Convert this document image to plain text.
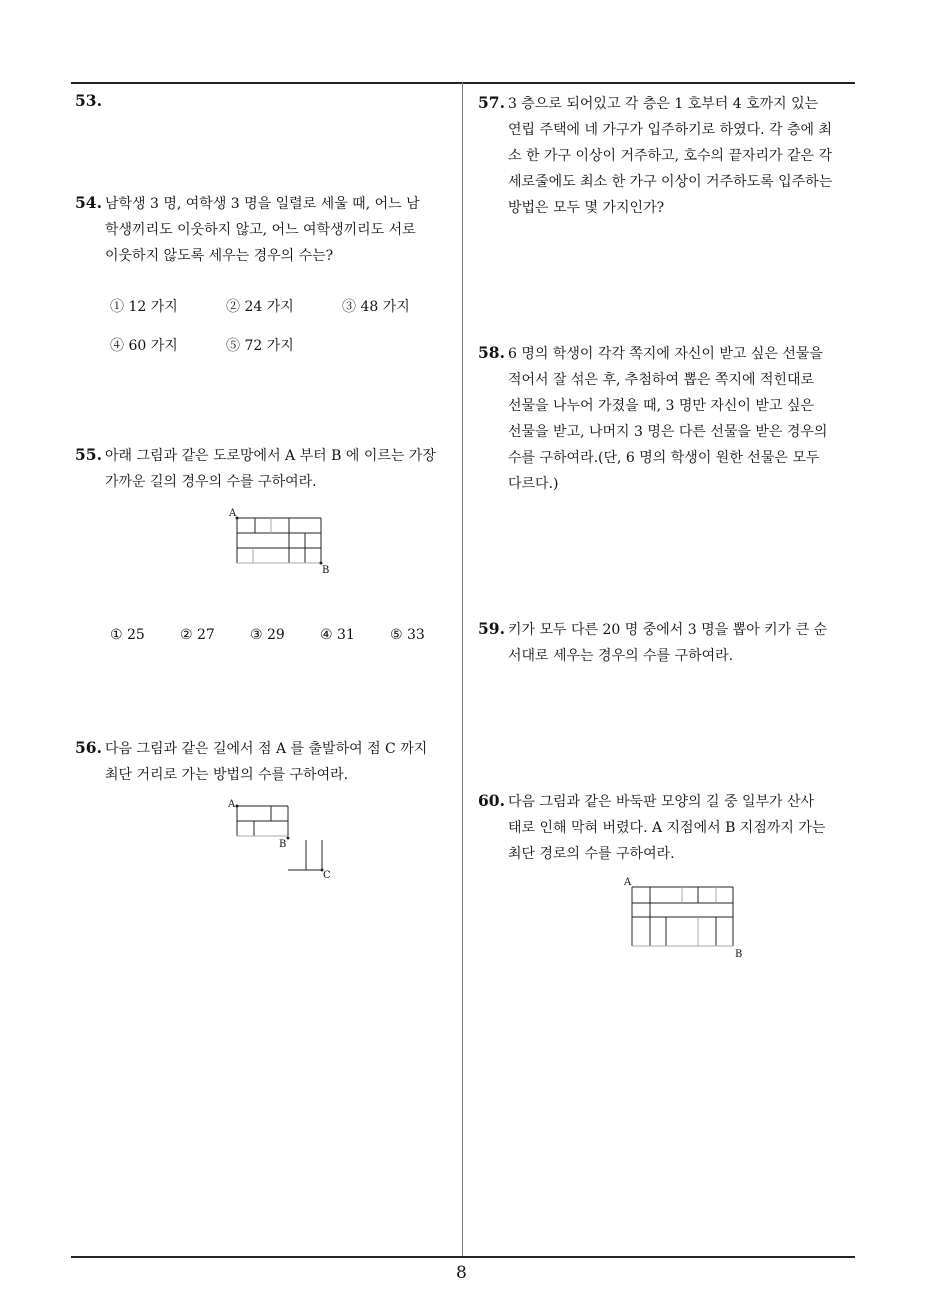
8
53.
54. 남학생 3 명, 여학생 3 명을 일렬로 세울 때, 어느 남
학생끼리도 이웃하지 않고, 어느 여학생끼리도 서로
이웃하지 않도록 세우는 경우의 수는?
① 12 가지	② 24 가지	③ 48 가지
④ 60 가지	⑤ 72 가지
55. 아래 그림과 같은 도로망에서 A 부터 B 에 이르는 가장
가까운 길의 경우의 수를 구하여라.
A
B
① 25	② 27	③ 29	④ 31	⑤ 33
56. 다음 그림과 같은 길에서 점 A 를 출발하여 점 C 까지
최단 거리로 가는 방법의 수를 구하여라.
A
B
C
57. 3 층으로 되어있고 각 층은 1 호부터 4 호까지 있는
연립 주택에 네 가구가 입주하기로 하였다. 각 층에 최
소 한 가구 이상이 거주하고, 호수의 끝자리가 같은 각
세로줄에도 최소 한 가구 이상이 거주하도록 입주하는
방법은 모두 몇 가지인가?
58. 6 명의 학생이 각각 쪽지에 자신이 받고 싶은 선물을
적어서 잘 섞은 후, 추첨하여 뽑은 쪽지에 적힌대로
선물을 나누어 가졌을 때, 3 명만 자신이 받고 싶은
선물을 받고, 나머지 3 명은 다른 선물을 받은 경우의
수를 구하여라.(단, 6 명의 학생이 원한 선물은 모두
다르다.)
59. 키가 모두 다른 20 명 중에서 3 명을 뽑아 키가 큰 순
서대로 세우는 경우의 수를 구하여라.
60. 다음 그림과 같은 바둑판 모양의 길 중 일부가 산사
태로 인해 막혀 버렸다. A 지점에서 B 지점까지 가는
최단 경로의 수를 구하여라.
A
B
